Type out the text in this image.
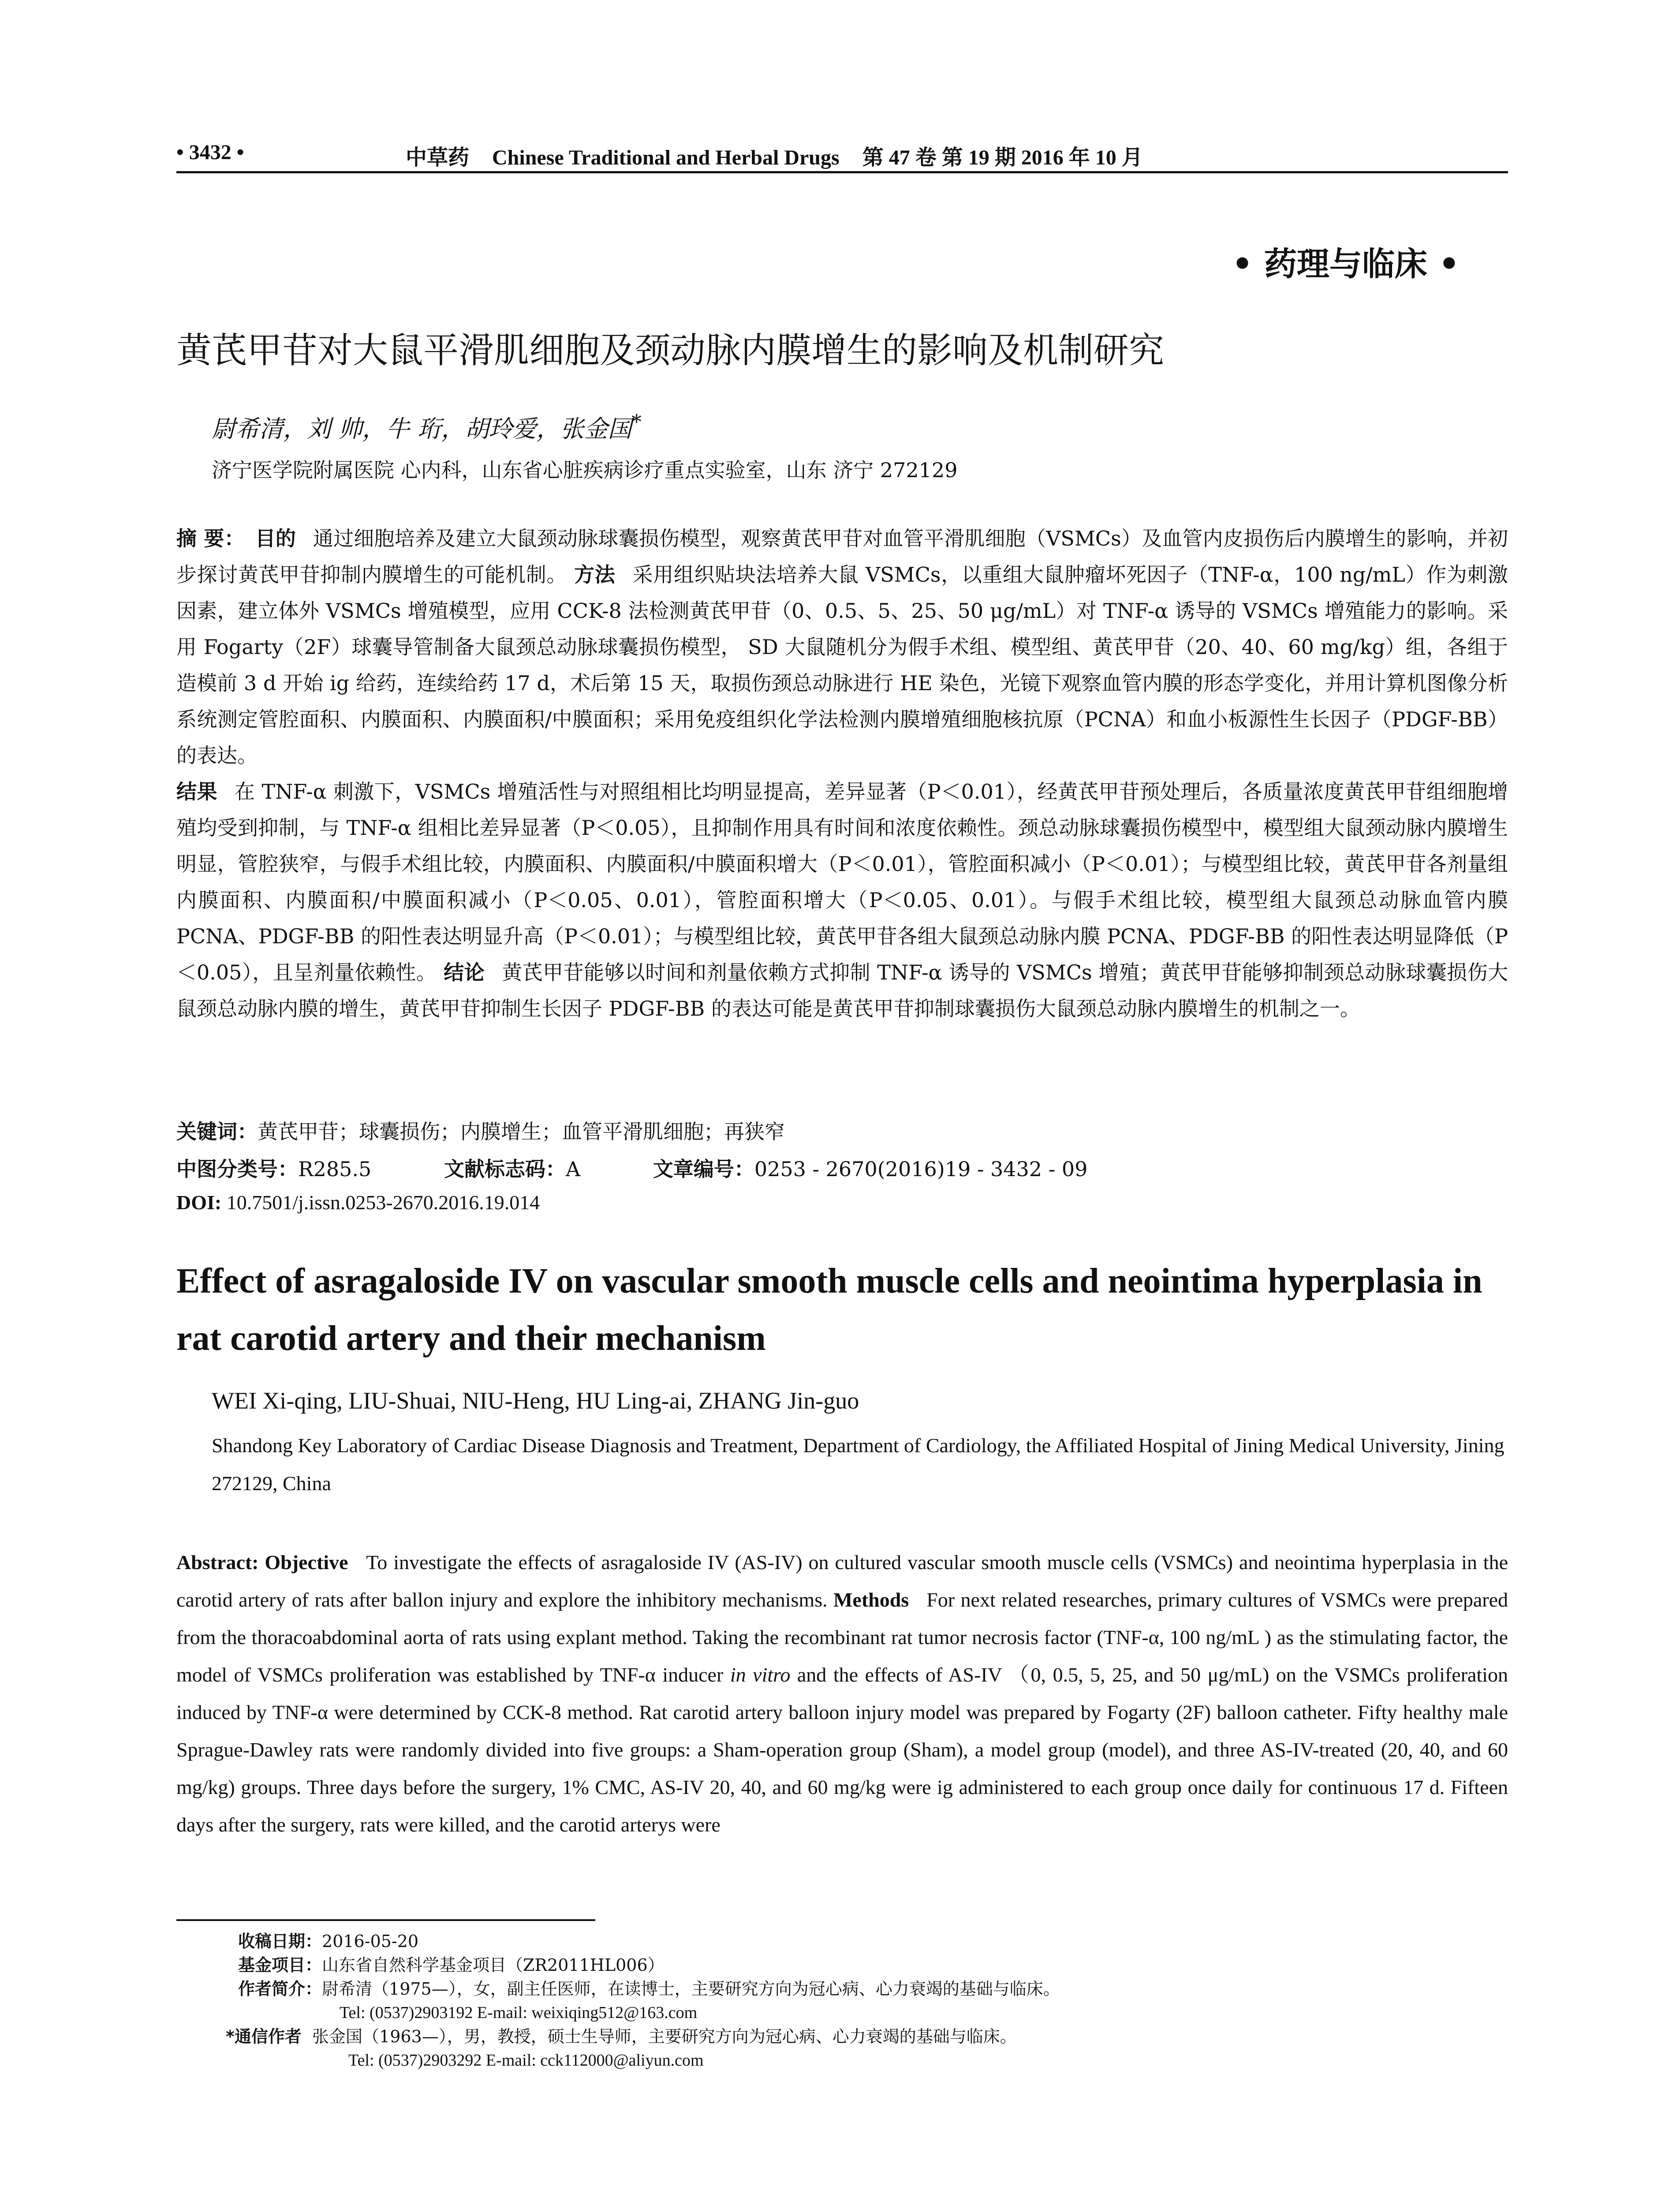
• 3432 •	中草药 Chinese Traditional and Herbal Drugs 第 47 卷 第 19 期 2016 年 10 月
• 药理与临床 •
黄芪甲苷对大鼠平滑肌细胞及颈动脉内膜增生的影响及机制研究
尉希清，刘 帅，牛 珩，胡玲爱，张金国*
济宁医学院附属医院 心内科，山东省心脏疾病诊疗重点实验室，山东 济宁 272129
摘 要： 目的 通过细胞培养及建立大鼠颈动脉球囊损伤模型，观察黄芪甲苷对血管平滑肌细胞（VSMCs）及血管内皮损伤后内膜增生的影响，并初步探讨黄芪甲苷抑制内膜增生的可能机制。 方法 采用组织贴块法培养大鼠 VSMCs，以重组大鼠肿瘤坏死因子（TNF-α，100 ng/mL）作为刺激因素，建立体外 VSMCs 增殖模型，应用 CCK-8 法检测黄芪甲苷（0、0.5、5、25、50 μg/mL）对 TNF-α 诱导的 VSMCs 增殖能力的影响。采用 Fogarty（2F）球囊导管制备大鼠颈总动脉球囊损伤模型， SD 大鼠随机分为假手术组、模型组、黄芪甲苷（20、40、60 mg/kg）组，各组于造模前 3 d 开始 ig 给药，连续给药 17 d，术后第 15 天，取损伤颈总动脉进行 HE 染色，光镜下观察血管内膜的形态学变化，并用计算机图像分析系统测定管腔面积、内膜面积、内膜面积/中膜面积；采用免疫组织化学法检测内膜增殖细胞核抗原（PCNA）和血小板源性生长因子（PDGF-BB）的表达。
结果 在 TNF-α 刺激下，VSMCs 增殖活性与对照组相比均明显提高，差异显著（P＜0.01），经黄芪甲苷预处理后，各质量浓度黄芪甲苷组细胞增殖均受到抑制，与 TNF-α 组相比差异显著（P＜0.05），且抑制作用具有时间和浓度依赖性。颈总动脉球囊损伤模型中，模型组大鼠颈动脉内膜增生明显，管腔狭窄，与假手术组比较，内膜面积、内膜面积/中膜面积增大（P＜0.01），管腔面积减小（P＜0.01）；与模型组比较，黄芪甲苷各剂量组内膜面积、内膜面积/中膜面积减小（P＜0.05、0.01），管腔面积增大（P＜0.05、0.01）。与假手术组比较，模型组大鼠颈总动脉血管内膜 PCNA、PDGF-BB 的阳性表达明显升高（P＜0.01）；与模型组比较，黄芪甲苷各组大鼠颈总动脉内膜 PCNA、PDGF-BB 的阳性表达明显降低（P＜0.05），且呈剂量依赖性。 结论 黄芪甲苷能够以时间和剂量依赖方式抑制 TNF-α 诱导的 VSMCs 增殖；黄芪甲苷能够抑制颈总动脉球囊损伤大鼠颈总动脉内膜的增生，黄芪甲苷抑制生长因子 PDGF-BB 的表达可能是黄芪甲苷抑制球囊损伤大鼠颈总动脉内膜增生的机制之一。
关键词：黄芪甲苷；球囊损伤；内膜增生；血管平滑肌细胞；再狭窄
中图分类号：R285.5	文献标志码：A	文章编号：0253 - 2670(2016)19 - 3432 - 09
DOI: 10.7501/j.issn.0253-2670.2016.19.014
Effect of asragaloside IV on vascular smooth muscle cells and neointima hyperplasia in rat carotid artery and their mechanism
WEI Xi-qing, LIU-Shuai, NIU-Heng, HU Ling-ai, ZHANG Jin-guo
Shandong Key Laboratory of Cardiac Disease Diagnosis and Treatment, Department of Cardiology, the Affiliated Hospital of Jining Medical University, Jining 272129, China
Abstract: Objective To investigate the effects of asragaloside IV (AS-IV) on cultured vascular smooth muscle cells (VSMCs) and neointima hyperplasia in the carotid artery of rats after ballon injury and explore the inhibitory mechanisms. Methods For next related researches, primary cultures of VSMCs were prepared from the thoracoabdominal aorta of rats using explant method. Taking the recombinant rat tumor necrosis factor (TNF-α, 100 ng/mL ) as the stimulating factor, the model of VSMCs proliferation was established by TNF-α inducer in vitro and the effects of AS-IV （0, 0.5, 5, 25, and 50 μg/mL) on the VSMCs proliferation induced by TNF-α were determined by CCK-8 method. Rat carotid artery balloon injury model was prepared by Fogarty (2F) balloon catheter. Fifty healthy male Sprague-Dawley rats were randomly divided into five groups: a Sham-operation group (Sham), a model group (model), and three AS-IV-treated (20, 40, and 60 mg/kg) groups. Three days before the surgery, 1% CMC, AS-IV 20, 40, and 60 mg/kg were ig administered to each group once daily for continuous 17 d. Fifteen days after the surgery, rats were killed, and the carotid arterys were
收稿日期：2016-05-20
基金项目：山东省自然科学基金项目（ZR2011HL006）
作者简介：尉希清（1975—），女，副主任医师，在读博士，主要研究方向为冠心病、心力衰竭的基础与临床。
Tel: (0537)2903192 E-mail: weixiqing512@163.com
*通信作者 张金国（1963—），男，教授，硕士生导师，主要研究方向为冠心病、心力衰竭的基础与临床。
Tel: (0537)2903292 E-mail: cck112000@aliyun.com
